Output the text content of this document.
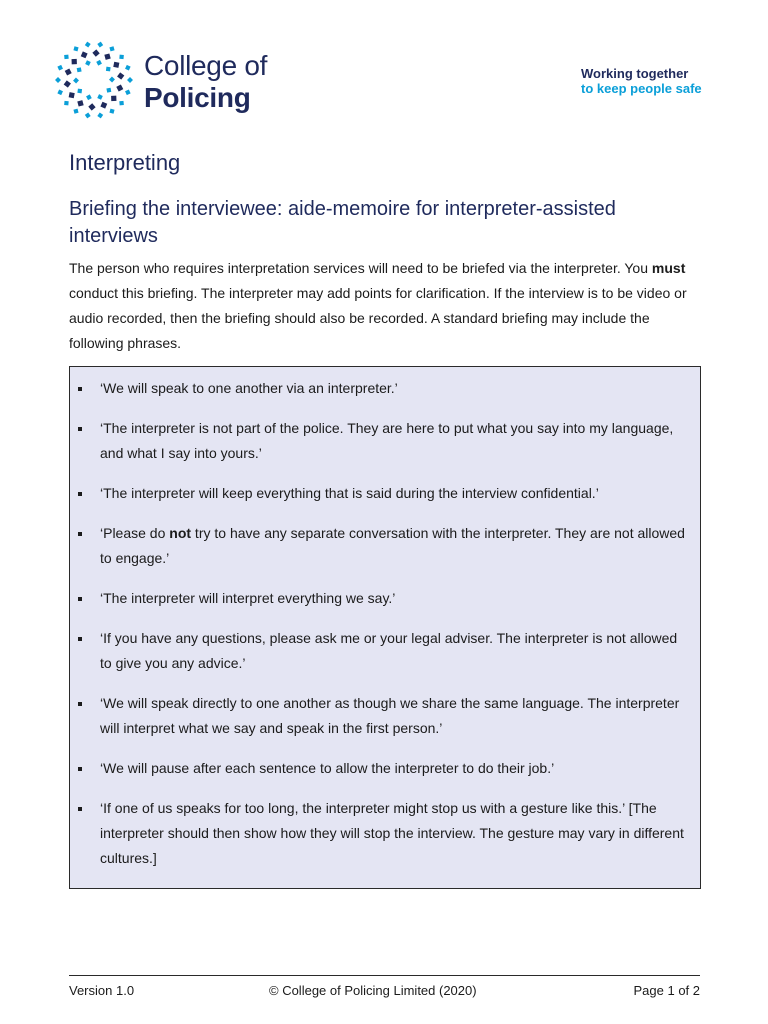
College of
Policing
Working together
to keep people safe
Interpreting
Briefing the interviewee: aide-memoire for interpreter-assisted interviews

The person who requires interpretation services will need to be briefed via the interpreter. You must conduct this briefing. The interpreter may add points for clarification. If the interview is to be video or audio recorded, then the briefing should also be recorded. A standard briefing may include the following phrases.

‘We will speak to one another via an interpreter.’
‘The interpreter is not part of the police. They are here to put what you say into my language, and what I say into yours.’
‘The interpreter will keep everything that is said during the interview confidential.’
‘Please do not try to have any separate conversation with the interpreter. They are not allowed to engage.’
‘The interpreter will interpret everything we say.’
‘If you have any questions, please ask me or your legal adviser. The interpreter is not allowed to give you any advice.’
‘We will speak directly to one another as though we share the same language. The interpreter will interpret what we say and speak in the first person.’
‘We will pause after each sentence to allow the interpreter to do their job.’
‘If one of us speaks for too long, the interpreter might stop us with a gesture like this.’ [The interpreter should then show how they will stop the interview. The gesture may vary in different cultures.]
Version 1.0	© College of Policing Limited (2020)	Page 1 of 2
